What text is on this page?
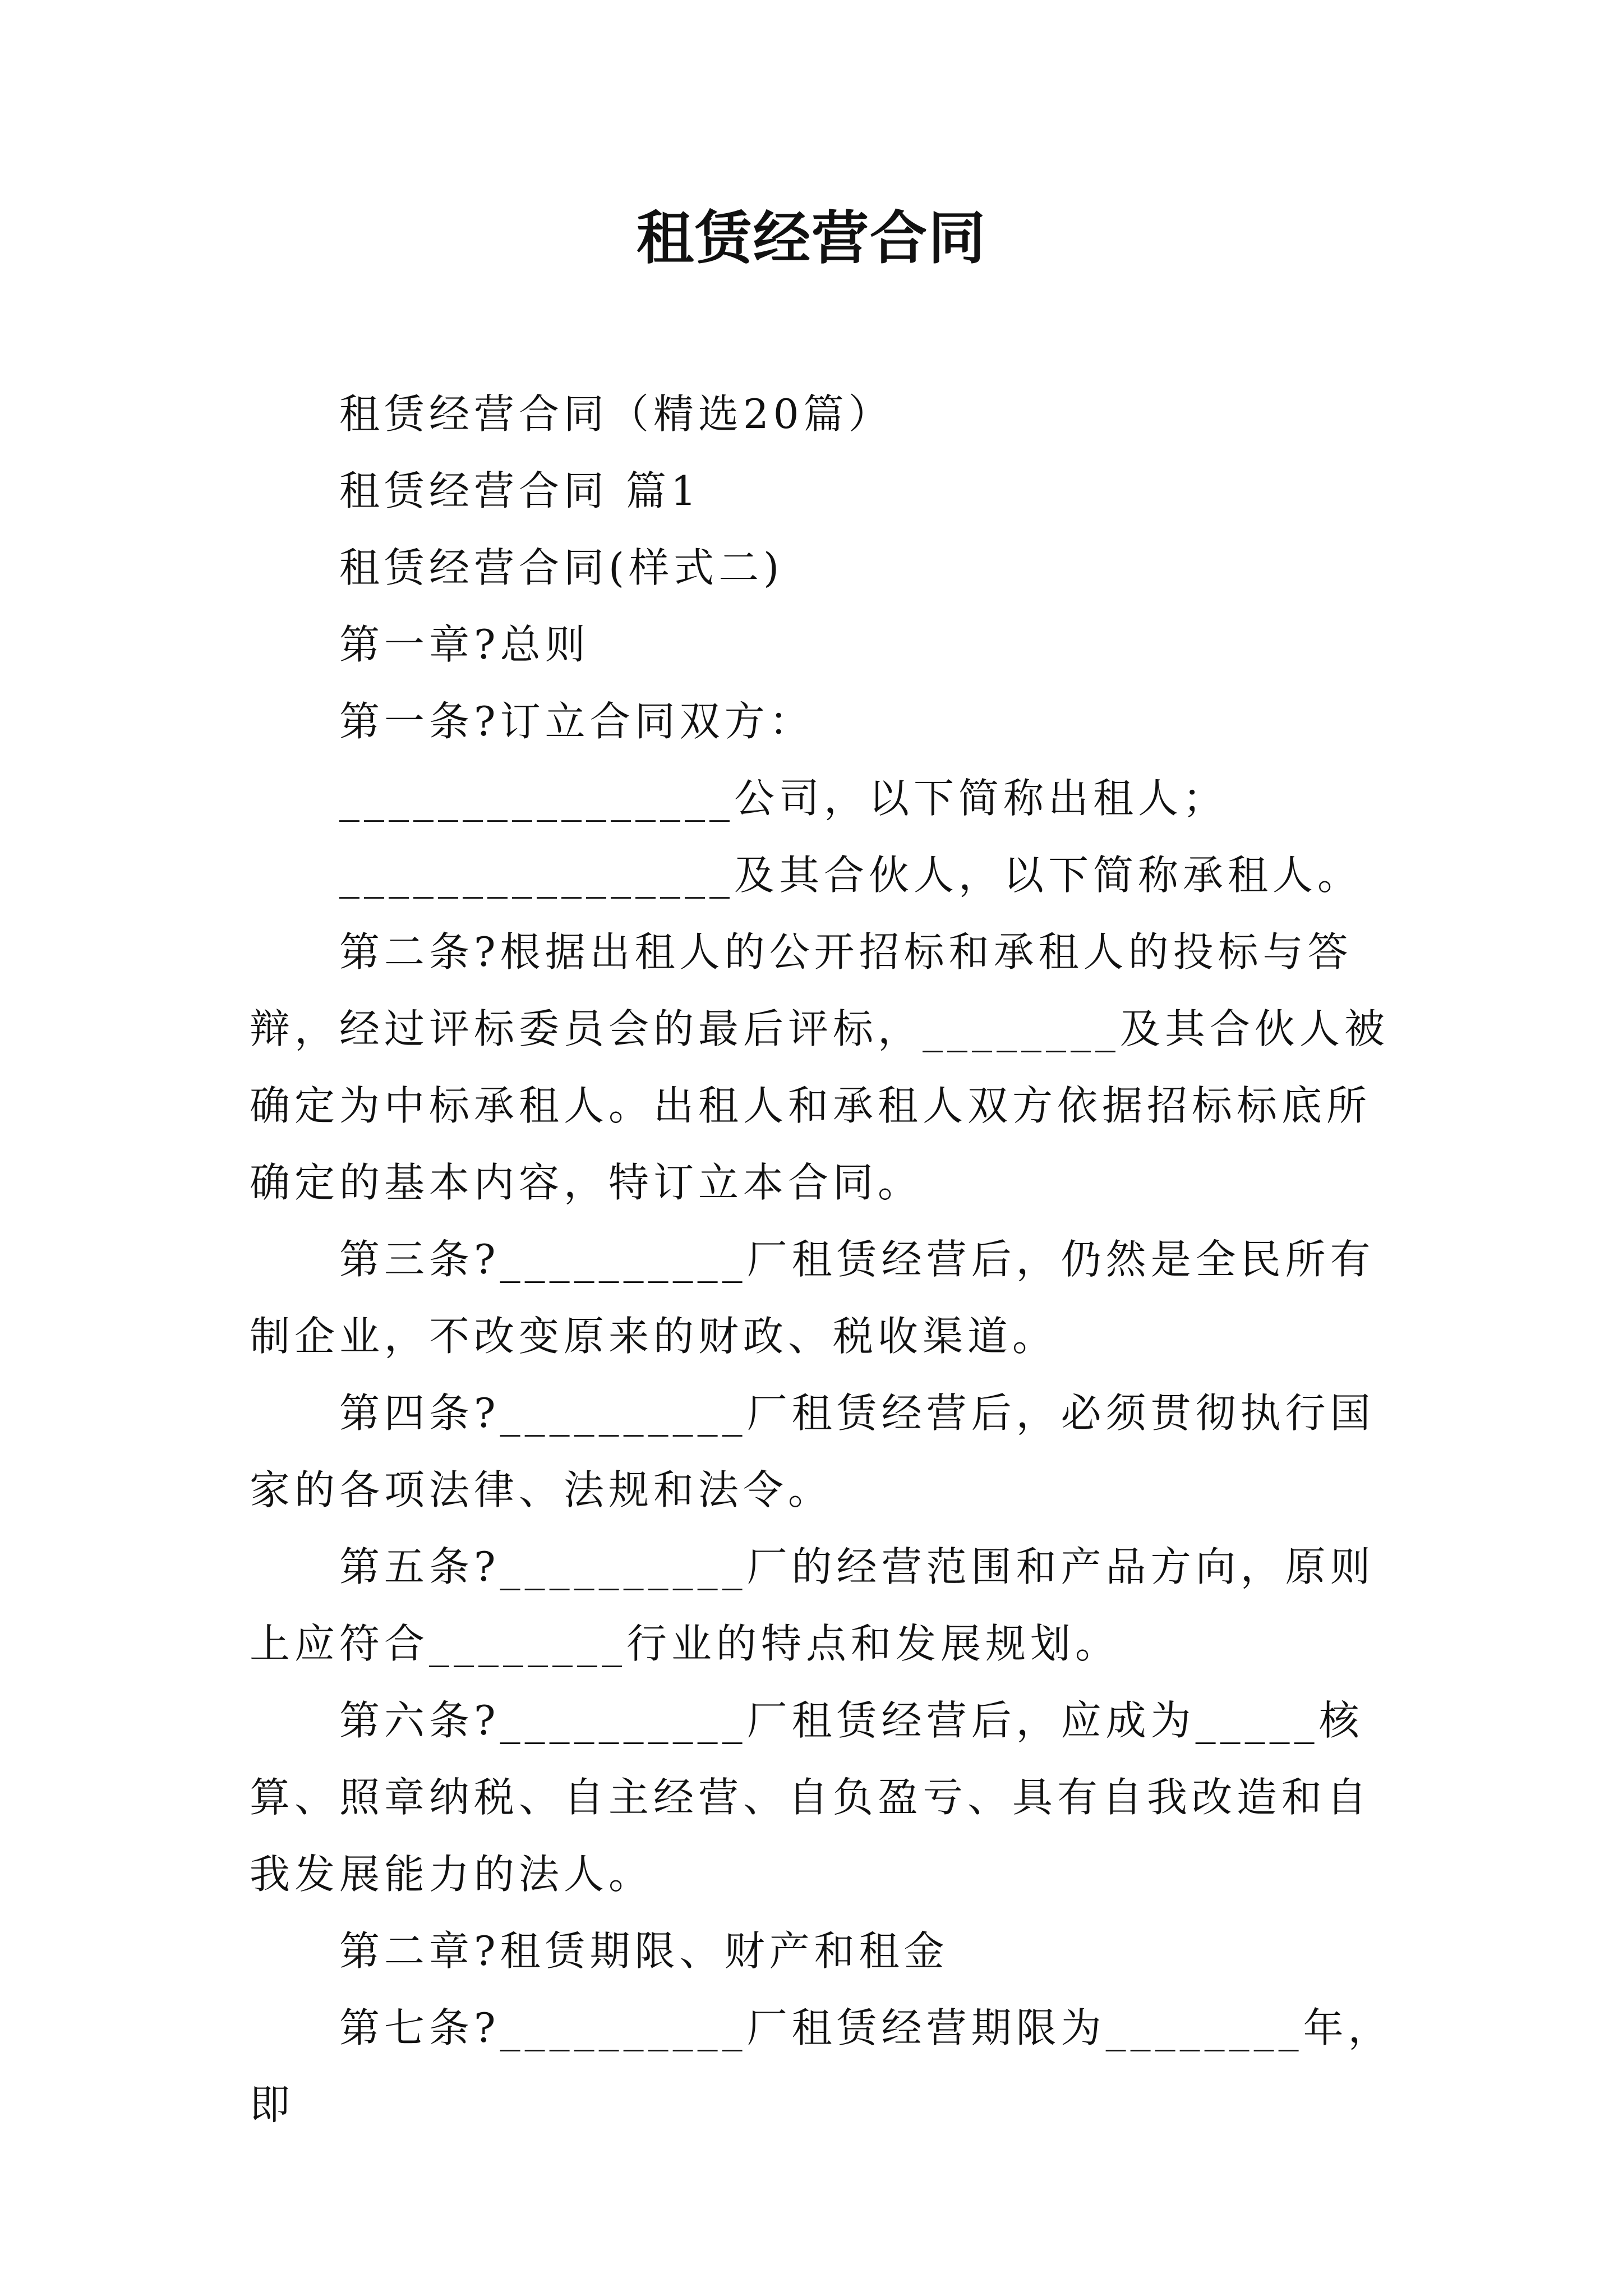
租赁经营合同

租赁经营合同（精选20篇）

租赁经营合同 篇1

租赁经营合同(样式二)

第一章?总则

第一条?订立合同双方：

________________公司，以下简称出租人；

________________及其合伙人，以下简称承租人。

第二条?根据出租人的公开招标和承租人的投标与答辩，经过评标委员会的最后评标，________及其合伙人被确定为中标承租人。出租人和承租人双方依据招标标底所确定的基本内容，特订立本合同。

第三条?__________厂租赁经营后，仍然是全民所有制企业，不改变原来的财政、税收渠道。

第四条?__________厂租赁经营后，必须贯彻执行国家的各项法律、法规和法令。

第五条?__________厂的经营范围和产品方向，原则上应符合________行业的特点和发展规划。

第六条?__________厂租赁经营后，应成为_____核算、照章纳税、自主经营、自负盈亏、具有自我改造和自我发展能力的法人。

第二章?租赁期限、财产和租金

第七条?__________厂租赁经营期限为________年，即
